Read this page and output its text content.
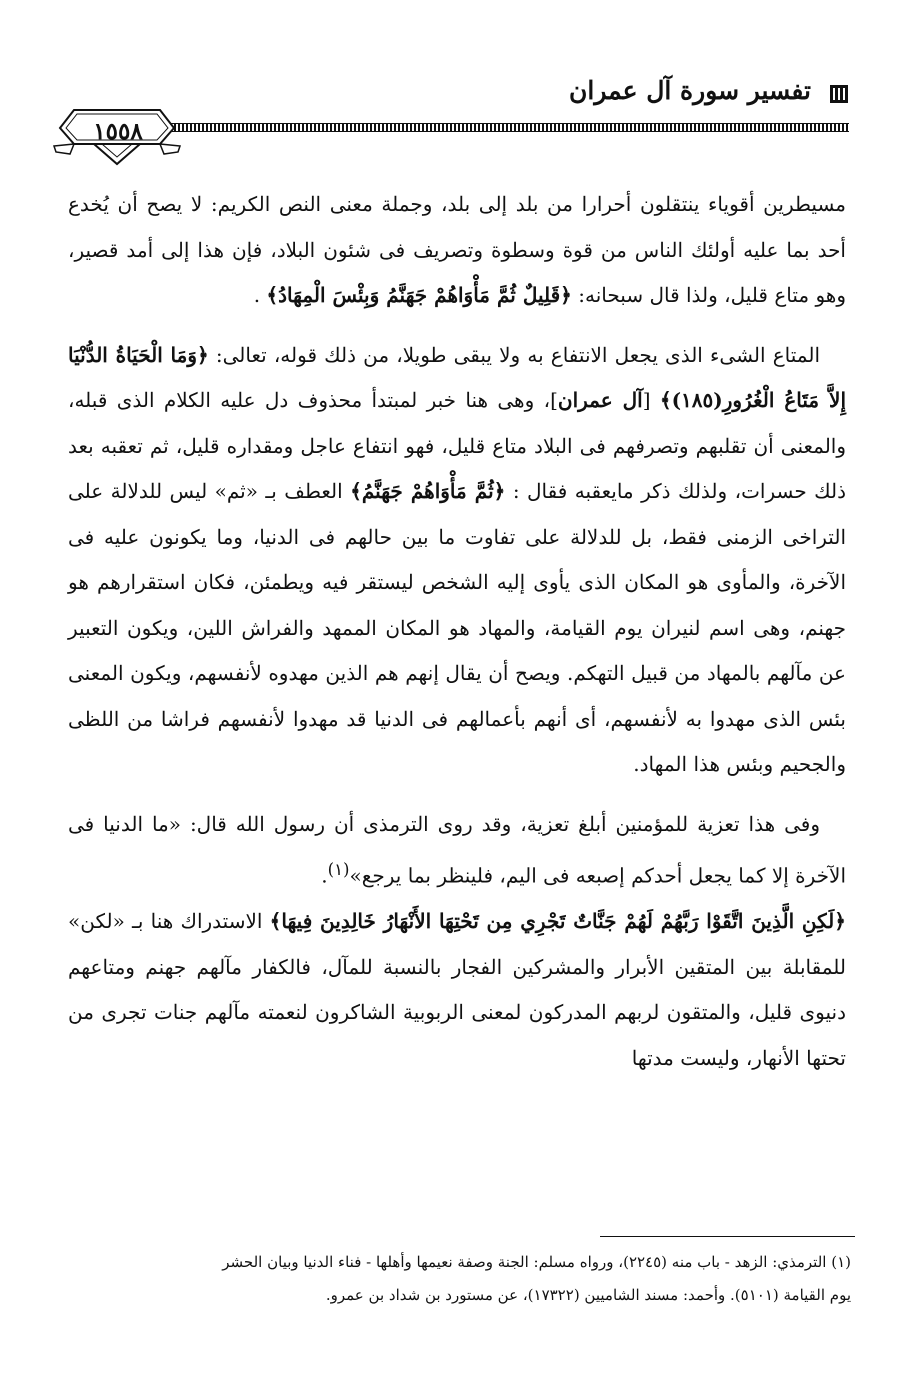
تفسير سورة آل عمران
١٥٥٨

مسيطرين أقوياء ينتقلون أحرارا من بلد إلى بلد، وجملة معنى النص الكريم: لا يصح أن يُخدع أحد بما عليه أولئك الناس من قوة وسطوة وتصريف فى شئون البلاد، فإن هذا إلى أمد قصير، وهو متاع قليل، ولذا قال سبحانه: ﴿قَلِيلٌ ثُمَّ مَأْوَاهُمْ جَهَنَّمُ وَبِئْسَ الْمِهَادُ﴾ .

المتاع الشىء الذى يجعل الانتفاع به ولا يبقى طويلا، من ذلك قوله، تعالى: ﴿وَمَا الْحَيَاةُ الدُّنْيَا إِلاَّ مَتَاعُ الْغُرُورِ(١٨٥)﴾ [آل عمران]، وهى هنا خبر لمبتدأ محذوف دل عليه الكلام الذى قبله، والمعنى أن تقلبهم وتصرفهم فى البلاد متاع قليل، فهو انتفاع عاجل ومقداره قليل، ثم تعقبه بعد ذلك حسرات، ولذلك ذكر مايعقبه فقال : ﴿ثُمَّ مَأْوَاهُمْ جَهَنَّمُ﴾ العطف بـ «ثم» ليس للدلالة على التراخى الزمنى فقط، بل للدلالة على تفاوت ما بين حالهم فى الدنيا، وما يكونون عليه فى الآخرة، والمأوى هو المكان الذى يأوى إليه الشخص ليستقر فيه ويطمئن، فكان استقرارهم هو جهنم، وهى اسم لنيران يوم القيامة، والمهاد هو المكان الممهد والفراش اللين، ويكون التعبير عن مآلهم بالمهاد من قبيل التهكم. ويصح أن يقال إنهم هم الذين مهدوه لأنفسهم، ويكون المعنى بئس الذى مهدوا به لأنفسهم، أى أنهم بأعمالهم فى الدنيا قد مهدوا لأنفسهم فراشا من اللظى والجحيم وبئس هذا المهاد.

وفى هذا تعزية للمؤمنين أبلغ تعزية، وقد روى الترمذى أن رسول الله قال: «ما الدنيا فى الآخرة إلا كما يجعل أحدكم إصبعه فى اليم، فلينظر بما يرجع»$^{(١)}$.

﴿لَكِنِ الَّذِينَ اتَّقَوْا رَبَّهُمْ لَهُمْ جَنَّاتٌ تَجْرِي مِن تَحْتِهَا الأَنْهَارُ خَالِدِينَ فِيهَا﴾ الاستدراك هنا بـ «لكن» للمقابلة بين المتقين الأبرار والمشركين الفجار بالنسبة للمآل، فالكفار مآلهم جهنم ومتاعهم دنيوى قليل، والمتقون لربهم المدركون لمعنى الربوبية الشاكرون لنعمته مآلهم جنات تجرى من تحتها الأنهار، وليست مدتها

(١) الترمذي: الزهد - باب منه (٢٢٤٥)، ورواه مسلم: الجنة وصفة نعيمها وأهلها - فناء الدنيا وبيان الحشر

يوم القيامة (٥١٠١). وأحمد: مسند الشاميين (١٧٣٢٢)، عن مستورد بن شداد بن عمرو.
